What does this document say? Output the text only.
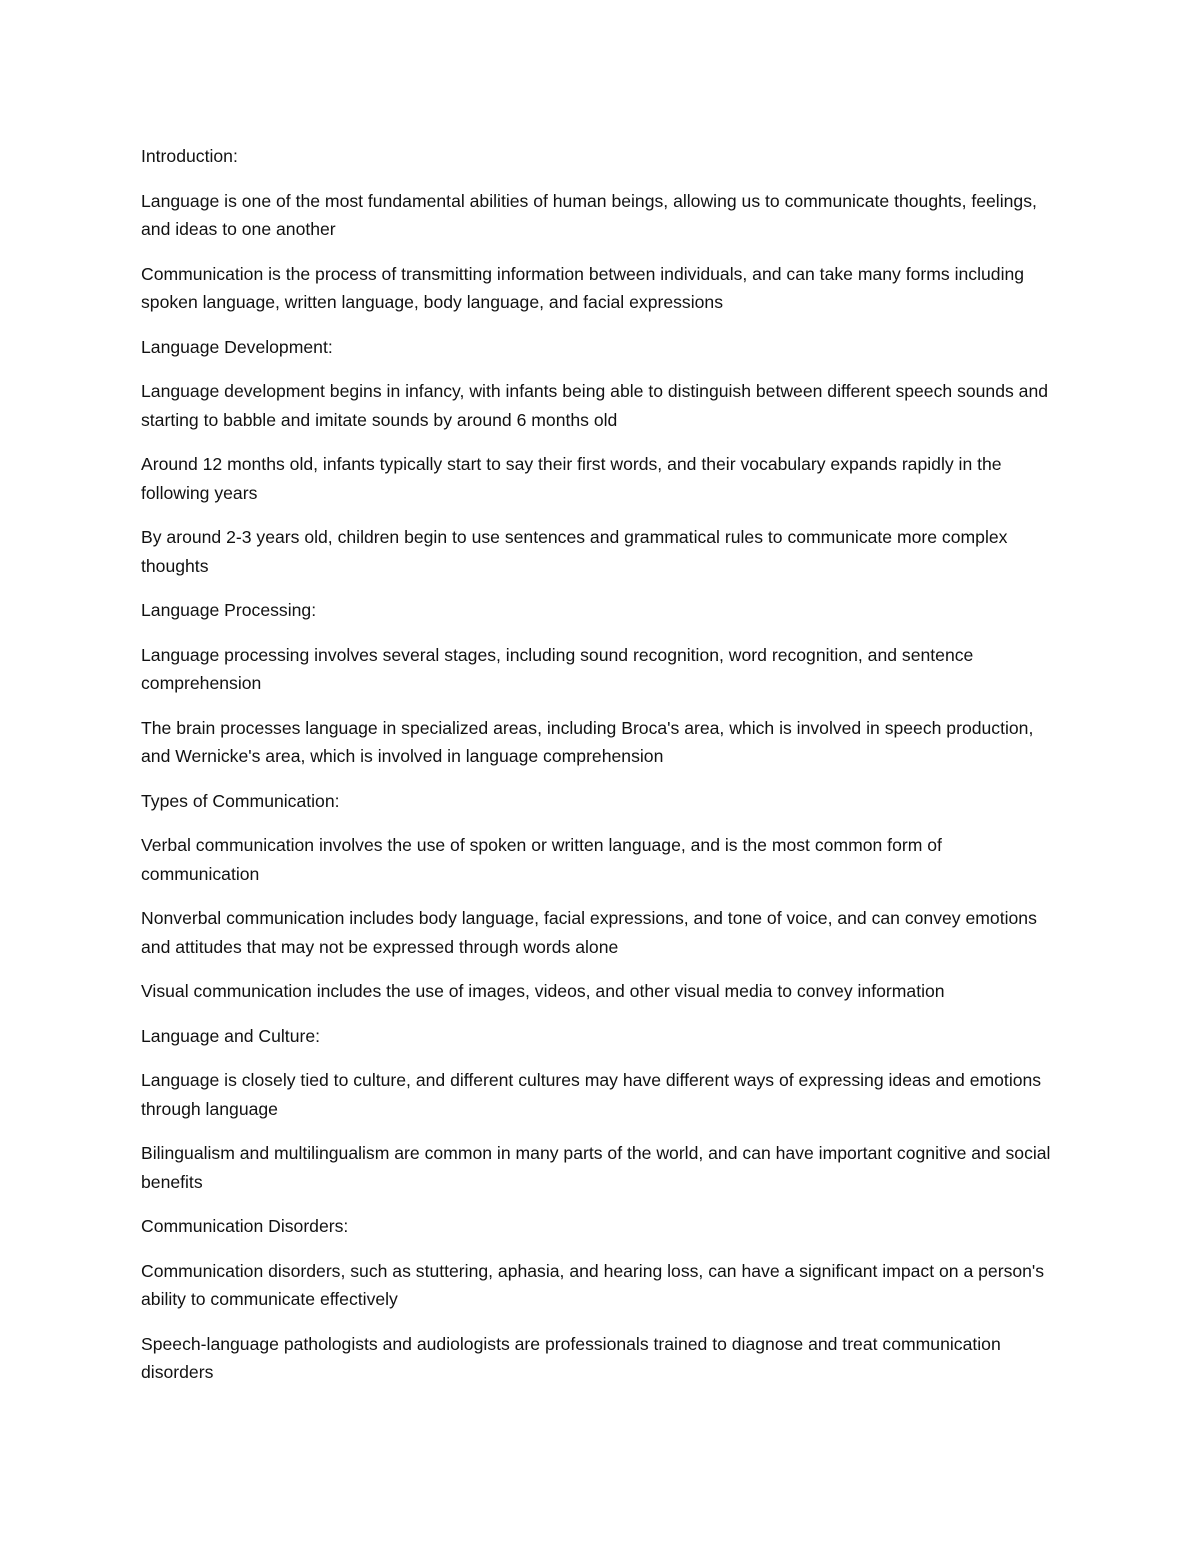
Introduction:

Language is one of the most fundamental abilities of human beings, allowing us to communicate thoughts, feelings, and ideas to one another

Communication is the process of transmitting information between individuals, and can take many forms including spoken language, written language, body language, and facial expressions

Language Development:

Language development begins in infancy, with infants being able to distinguish between different speech sounds and starting to babble and imitate sounds by around 6 months old

Around 12 months old, infants typically start to say their first words, and their vocabulary expands rapidly in the following years

By around 2-3 years old, children begin to use sentences and grammatical rules to communicate more complex thoughts

Language Processing:

Language processing involves several stages, including sound recognition, word recognition, and sentence comprehension

The brain processes language in specialized areas, including Broca's area, which is involved in speech production, and Wernicke's area, which is involved in language comprehension

Types of Communication:

Verbal communication involves the use of spoken or written language, and is the most common form of communication

Nonverbal communication includes body language, facial expressions, and tone of voice, and can convey emotions and attitudes that may not be expressed through words alone

Visual communication includes the use of images, videos, and other visual media to convey information

Language and Culture:

Language is closely tied to culture, and different cultures may have different ways of expressing ideas and emotions through language

Bilingualism and multilingualism are common in many parts of the world, and can have important cognitive and social benefits

Communication Disorders:

Communication disorders, such as stuttering, aphasia, and hearing loss, can have a significant impact on a person's ability to communicate effectively

Speech-language pathologists and audiologists are professionals trained to diagnose and treat communication disorders
